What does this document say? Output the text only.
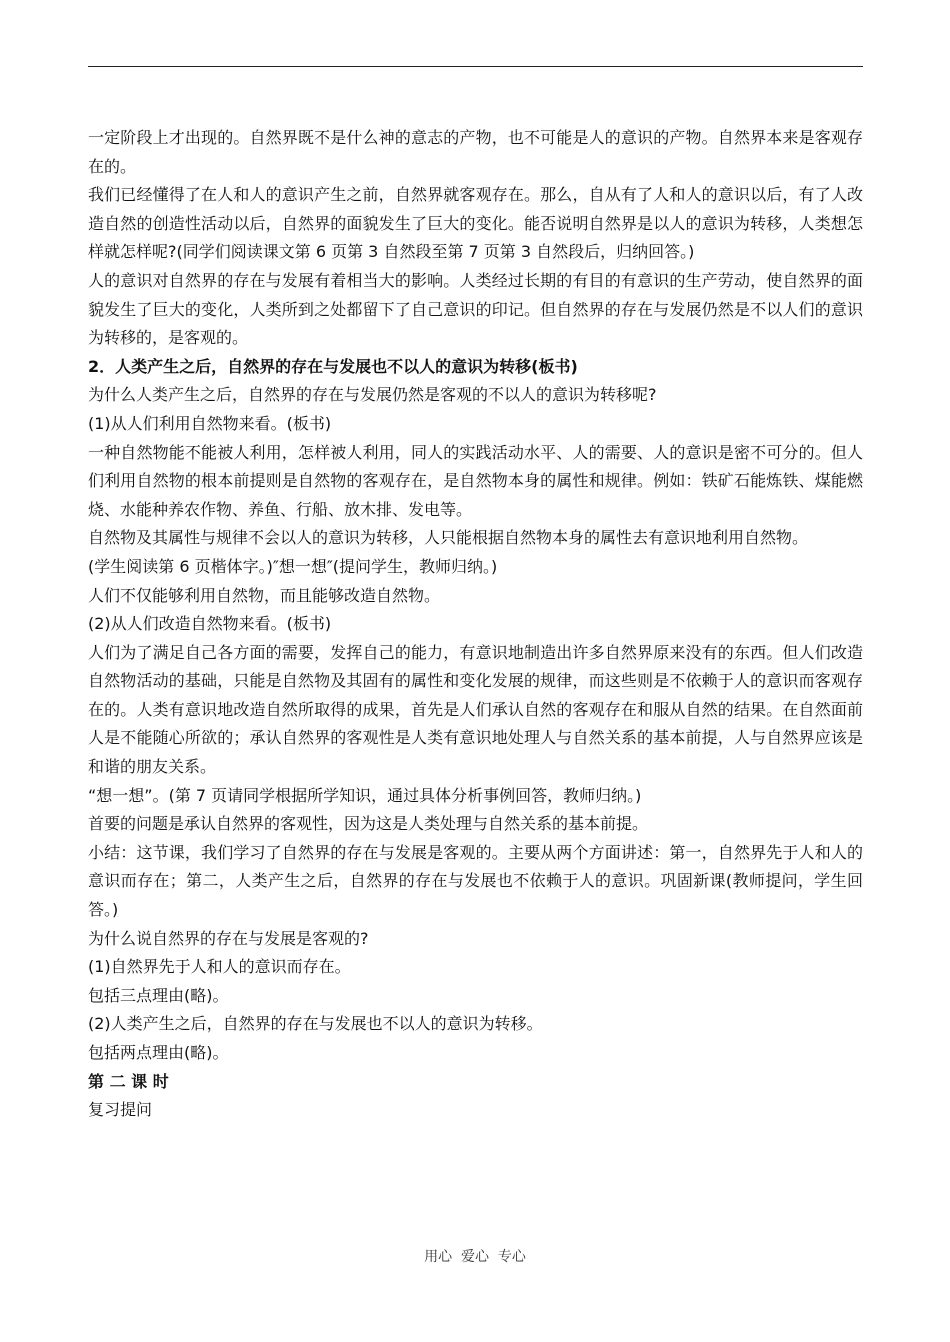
一定阶段上才出现的。自然界既不是什么神的意志的产物，也不可能是人的意识的产物。自然界本来是客观存在的。

我们已经懂得了在人和人的意识产生之前，自然界就客观存在。那么，自从有了人和人的意识以后，有了人改造自然的创造性活动以后，自然界的面貌发生了巨大的变化。能否说明自然界是以人的意识为转移，人类想怎样就怎样呢?(同学们阅读课文第 6 页第 3 自然段至第 7 页第 3 自然段后，归纳回答。)

人的意识对自然界的存在与发展有着相当大的影响。人类经过长期的有目的有意识的生产劳动，使自然界的面貌发生了巨大的变化，人类所到之处都留下了自己意识的印记。但自然界的存在与发展仍然是不以人们的意识为转移的，是客观的。

2．人类产生之后，自然界的存在与发展也不以人的意识为转移(板书)

为什么人类产生之后，自然界的存在与发展仍然是客观的不以人的意识为转移呢?

(1)从人们利用自然物来看。(板书)

一种自然物能不能被人利用，怎样被人利用，同人的实践活动水平、人的需要、人的意识是密不可分的。但人们利用自然物的根本前提则是自然物的客观存在，是自然物本身的属性和规律。例如：铁矿石能炼铁、煤能燃烧、水能种养农作物、养鱼、行船、放木排、发电等。

自然物及其属性与规律不会以人的意识为转移，人只能根据自然物本身的属性去有意识地利用自然物。

(学生阅读第 6 页楷体字。)″想一想″(提问学生，教师归纳。)

人们不仅能够利用自然物，而且能够改造自然物。

(2)从人们改造自然物来看。(板书)

人们为了满足自己各方面的需要，发挥自己的能力，有意识地制造出许多自然界原来没有的东西。但人们改造自然物活动的基础，只能是自然物及其固有的属性和变化发展的规律，而这些则是不依赖于人的意识而客观存在的。人类有意识地改造自然所取得的成果，首先是人们承认自然的客观存在和服从自然的结果。在自然面前人是不能随心所欲的；承认自然界的客观性是人类有意识地处理人与自然关系的基本前提，人与自然界应该是和谐的朋友关系。

“想一想”。(第 7 页请同学根据所学知识，通过具体分析事例回答，教师归纳。)

首要的问题是承认自然界的客观性，因为这是人类处理与自然关系的基本前提。

小结：这节课，我们学习了自然界的存在与发展是客观的。主要从两个方面讲述：第一，自然界先于人和人的意识而存在；第二，人类产生之后，自然界的存在与发展也不依赖于人的意识。巩固新课(教师提问，学生回答。)

为什么说自然界的存在与发展是客观的?

(1)自然界先于人和人的意识而存在。

包括三点理由(略)。

(2)人类产生之后，自然界的存在与发展也不以人的意识为转移。

包括两点理由(略)。

第 二 课 时

复习提问

用心  爱心  专心
